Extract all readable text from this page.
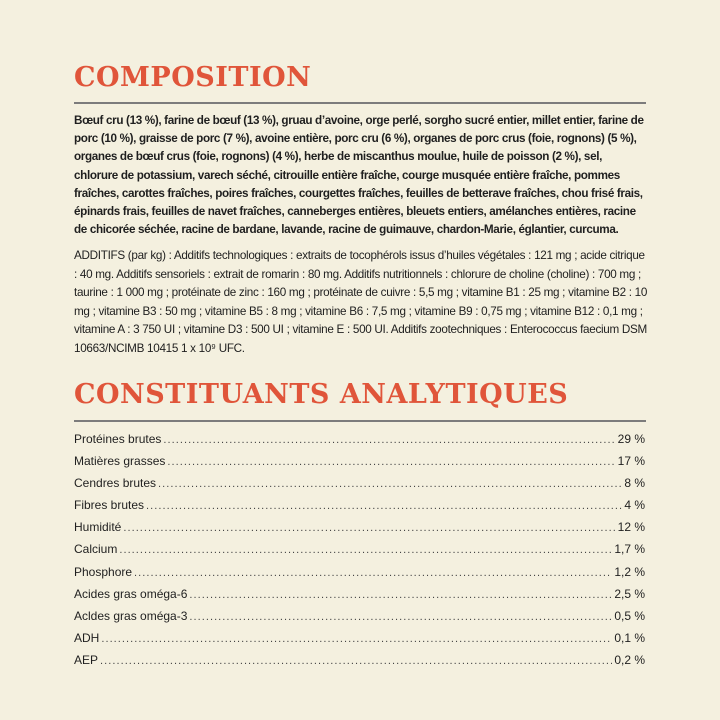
COMPOSITION

Bœuf cru (13 %), farine de bœuf (13 %), gruau d’avoine, orge perlé, sorgho sucré entier, millet entier, farine de porc (10 %), graisse de porc (7 %), avoine entière, porc cru (6 %), organes de porc crus (foie, rognons) (5 %), organes de bœuf crus (foie, rognons) (4 %), herbe de miscanthus moulue, huile de poisson (2 %), sel, chlorure de potassium, varech séché, citrouille entière fraîche, courge musquée entière fraîche, pommes fraîches, carottes fraîches, poires fraîches, courgettes fraîches, feuilles de betterave fraîches, chou frisé frais, épinards frais, feuilles de navet fraîches, canneberges entières, bleuets entiers, amélanches entières, racine de chicorée séchée, racine de bardane, lavande, racine de guimauve, chardon-Marie, églantier, curcuma.

ADDITIFS (par kg) : Additifs technologiques : extraits de tocophérols issus d’huiles végétales : 121 mg ; acide citrique : 40 mg. Additifs sensoriels : extrait de romarin : 80 mg. Additifs nutritionnels : chlorure de choline (choline) : 700 mg ; taurine : 1 000 mg ; protéinate de zinc : 160 mg ; protéinate de cuivre : 5,5 mg ; vitamine B1 : 25 mg ; vitamine B2 : 10 mg ; vitamine B3 : 50 mg ; vitamine B5 : 8 mg ; vitamine B6 : 7,5 mg ; vitamine B9 : 0,75 mg ; vitamine B12 : 0,1 mg ; vitamine A : 3 750 UI ; vitamine D3 : 500 UI ; vitamine E : 500 UI. Additifs zootechniques : Enterococcus faecium DSM 10663/NCIMB 10415 1 x 10⁹ UFC.

CONSTITUANTS ANALYTIQUES
Protéines brutes . . .	29 %
Matières grasses . . .	17 %
Cendres brutes . . .	8 %
Fibres brutes . . .	4 %
Humidité . . .	12 %
Calcium . . .	1,7 %
Phosphore . . .	1,2 %
Acides gras oméga-6 . . .	2,5 %
Acldes gras oméga-3 . . .	0,5 %
ADH . . .	0,1 %
AEP . . .	0,2 %
